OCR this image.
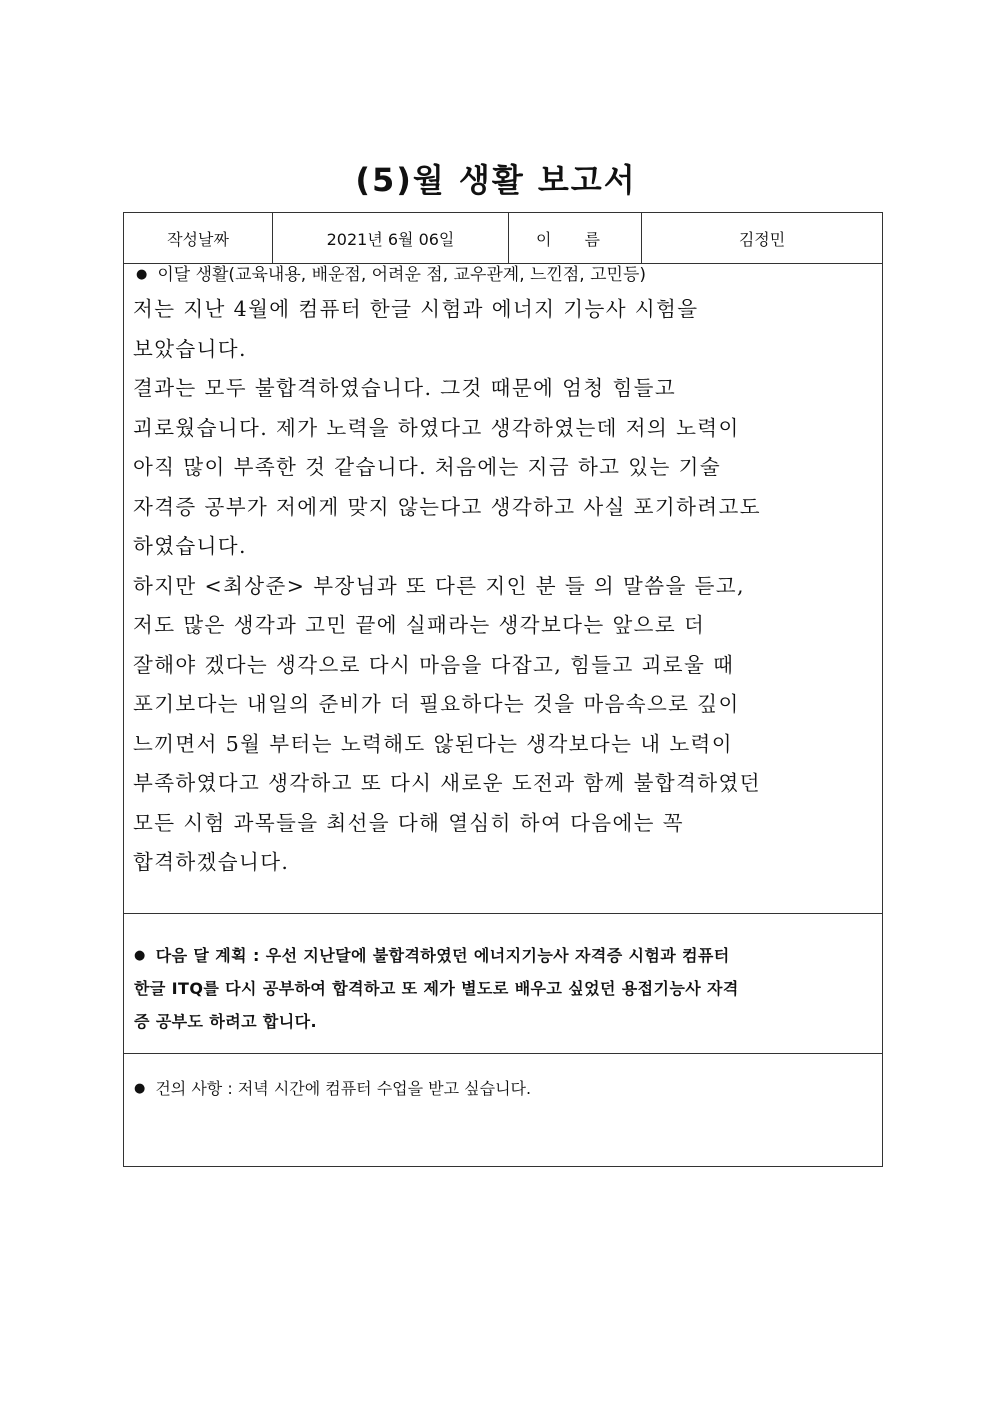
(5)월 생활 보고서
작성날짜	2021년 6월 06일	이 름	김정민
● 이달 생활(교육내용, 배운점, 어려운 점, 교우관계, 느낀점, 고민등)
저는 지난 4월에 컴퓨터 한글 시험과 에너지 기능사 시험을
보았습니다.
결과는 모두 불합격하였습니다. 그것 때문에 엄청 힘들고
괴로웠습니다. 제가 노력을 하였다고 생각하였는데 저의 노력이
아직 많이 부족한 것 같습니다. 처음에는 지금 하고 있는 기술
자격증 공부가 저에게 맞지 않는다고 생각하고 사실 포기하려고도
하였습니다.
하지만 <최상준> 부장님과 또 다른 지인 분 들 의 말씀을 듣고,
저도 많은 생각과 고민 끝에 실패라는 생각보다는 앞으로 더
잘해야 겠다는 생각으로 다시 마음을 다잡고, 힘들고 괴로울 때
포기보다는 내일의 준비가 더 필요하다는 것을 마음속으로 깊이
느끼면서 5월 부터는 노력해도 않된다는 생각보다는 내 노력이
부족하였다고 생각하고 또 다시 새로운 도전과 함께 불합격하였던
모든 시험 과목들을 최선을 다해 열심히 하여 다음에는 꼭
합격하겠습니다.
● 다음 달 계획 : 우선 지난달에 불합격하였던 에너지기능사 자격증 시험과 컴퓨터
한글 ITQ를 다시 공부하여 합격하고 또 제가 별도로 배우고 싶었던 용접기능사 자격
증 공부도 하려고 합니다.
● 건의 사항 : 저녁 시간에 컴퓨터 수업을 받고 싶습니다.
